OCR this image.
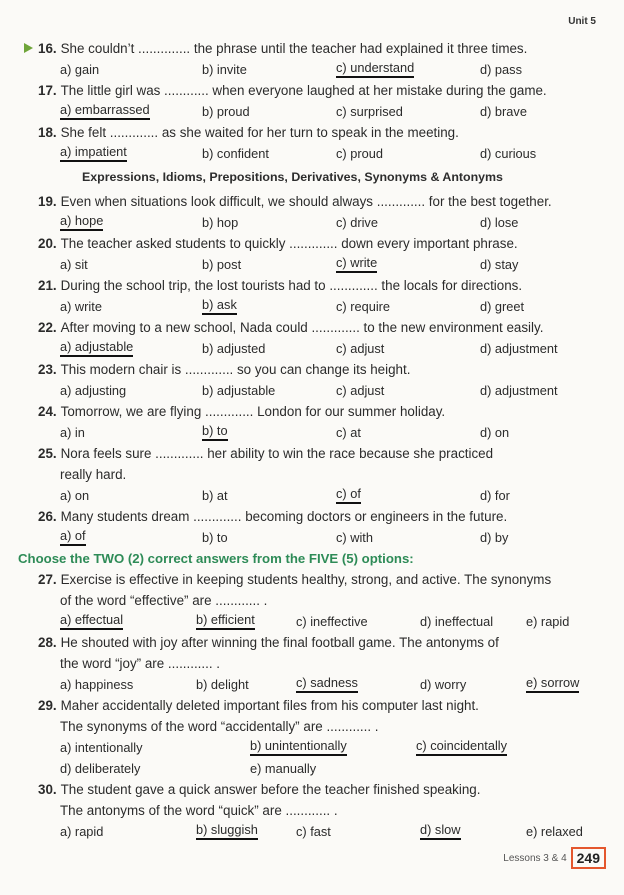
Unit 5
16. She couldn’t .............. the phrase until the teacher had explained it three times.
a) gain	b) invite	c) understand	d) pass
17. The little girl was ............ when everyone laughed at her mistake during the game.
a) embarrassed	b) proud	c) surprised	d) brave
18. She felt ............. as she waited for her turn to speak in the meeting.
a) impatient	b) confident	c) proud	d) curious
Expressions, Idioms, Prepositions, Derivatives, Synonyms & Antonyms
19. Even when situations look difficult, we should always ............. for the best together.
a) hope	b) hop	c) drive	d) lose
20. The teacher asked students to quickly ............. down every important phrase.
a) sit	b) post	c) write	d) stay
21. During the school trip, the lost tourists had to ............. the locals for directions.
a) write	b) ask	c) require	d) greet
22. After moving to a new school, Nada could ............. to the new environment easily.
a) adjustable	b) adjusted	c) adjust	d) adjustment
23. This modern chair is ............. so you can change its height.
a) adjusting	b) adjustable	c) adjust	d) adjustment
24. Tomorrow, we are flying ............. London for our summer holiday.
a) in	b) to	c) at	d) on
25. Nora feels sure ............. her ability to win the race because she practiced
really hard.
a) on	b) at	c) of	d) for
26. Many students dream ............. becoming doctors or engineers in the future.
a) of	b) to	c) with	d) by
Choose the TWO (2) correct answers from the FIVE (5) options:
27. Exercise is effective in keeping students healthy, strong, and active. The synonyms
of the word “effective” are ............ .
a) effectual	b) efficient	c) ineffective	d) ineffectual	e) rapid
28. He shouted with joy after winning the final football game. The antonyms of
the word “joy” are ............ .
a) happiness	b) delight	c) sadness	d) worry	e) sorrow
29. Maher accidentally deleted important files from his computer last night.
The synonyms of the word “accidentally” are ............ .
a) intentionally	b) unintentionally	c) coincidentally
d) deliberately	e) manually
30. The student gave a quick answer before the teacher finished speaking.
The antonyms of the word “quick” are ............ .
a) rapid	b) sluggish	c) fast	d) slow	e) relaxed
Lessons 3 & 4 249
